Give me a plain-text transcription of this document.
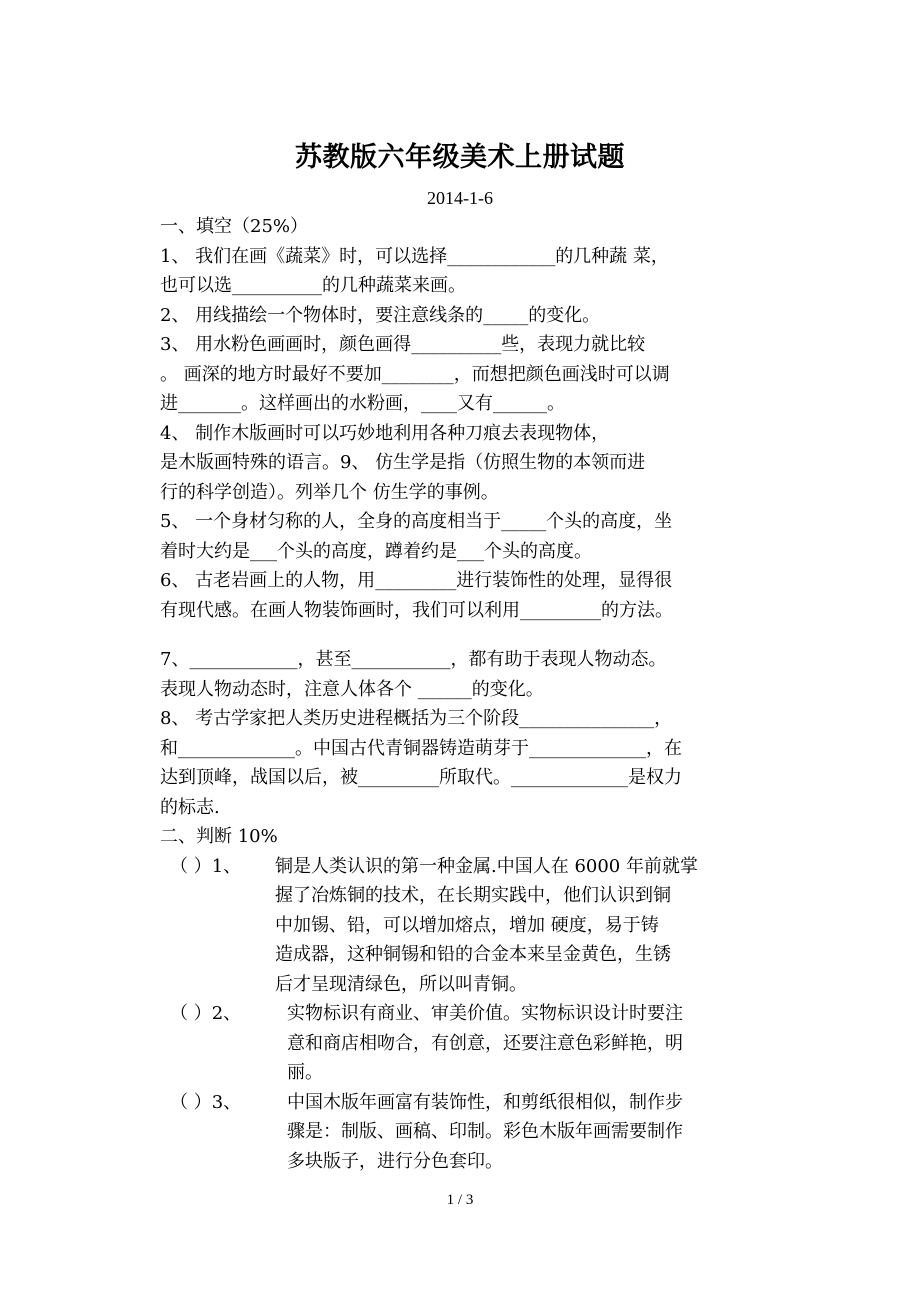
苏教版六年级美术上册试题
2014-1-6
一、填空（25%）
1、 我们在画《蔬菜》时，可以选择____________的几种蔬 菜，
也可以选__________的几种蔬菜来画。
2、 用线描绘一个物体时，要注意线条的_____的变化。
3、 用水粉色画画时，颜色画得__________些，表现力就比较
。 画深的地方时最好不要加________，而想把颜色画浅时可以调
进_______。这样画出的水粉画，____又有______。
4、 制作木版画时可以巧妙地利用各种刀痕去表现物体，
是木版画特殊的语言。9、 仿生学是指（仿照生物的本领而进
行的科学创造）。列举几个 仿生学的事例。
5、 一个身材匀称的人，全身的高度相当于_____个头的高度，坐
着时大约是___个头的高度，蹲着约是___个头的高度。
6、 古老岩画上的人物，用_________进行装饰性的处理，显得很
有现代感。在画人物装饰画时，我们可以利用_________的方法。
7、____________，甚至___________，都有助于表现人物动态。
表现人物动态时，注意人体各个 ______的变化。
8、 考古学家把人类历史进程概括为三个阶段_______________，
和_____________。中国古代青铜器铸造萌芽于_____________，在
达到顶峰，战国以后，被_________所取代。_____________是权力
的标志.
二、判断 10%
（ ）1、 铜是人类认识的第一种金属.中国人在 6000 年前就掌
握了冶炼铜的技术，在长期实践中，他们认识到铜
中加锡、铅，可以增加熔点，增加 硬度，易于铸
造成器，这种铜锡和铅的合金本来呈金黄色，生锈
后才呈现清绿色，所以叫青铜。
（ ）2、	实物标识有商业、审美价值。实物标识设计时要注
意和商店相吻合，有创意，还要注意色彩鲜艳，明
丽。
（ ）3、	中国木版年画富有装饰性，和剪纸很相似，制作步
骤是：制版、画稿、印制。彩色木版年画需要制作
多块版子，进行分色套印。
1 / 3
